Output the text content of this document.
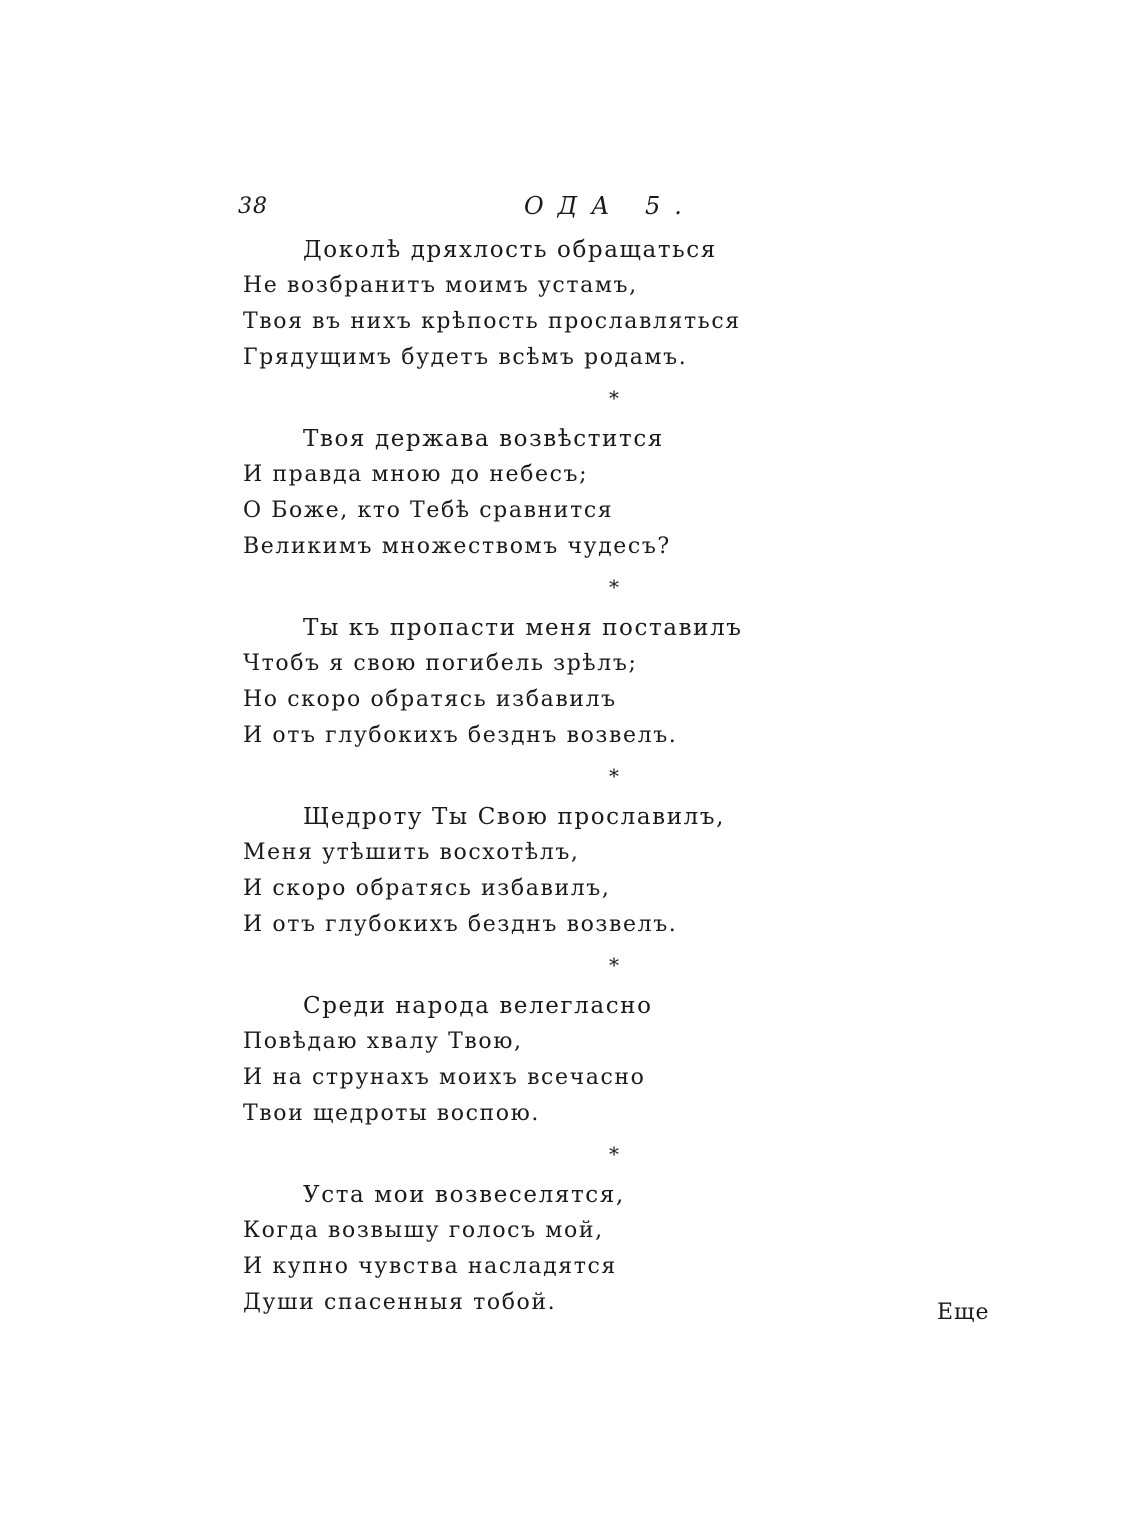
38	ОДА 5.
Доколѣ дряхлость обращаться
Не возбранитъ моимъ устамъ,
Твоя въ нихъ крѣпость прославляться
Грядущимъ будетъ всѣмъ родамъ.
*
Твоя держава возвѣстится
И правда мною до небесъ;
О Боже, кто Тебѣ сравнится
Великимъ множествомъ чудесъ?
*
Ты къ пропасти меня поставилъ
Чтобъ я свою погибель зрѣлъ;
Но скоро обратясь избавилъ
И отъ глубокихъ безднъ возвелъ.
*
Щедроту Ты Свою прославилъ,
Меня утѣшить восхотѣлъ,
И скоро обратясь избавилъ,
И отъ глубокихъ безднъ возвелъ.
*
Среди народа велегласно
Повѣдаю хвалу Твою,
И на струнахъ моихъ всечасно
Твои щедроты воспою.
*
Уста мои возвеселятся,
Когда возвышу голосъ мой,
И купно чувства насладятся
Души спасенныя тобой.	Еще
